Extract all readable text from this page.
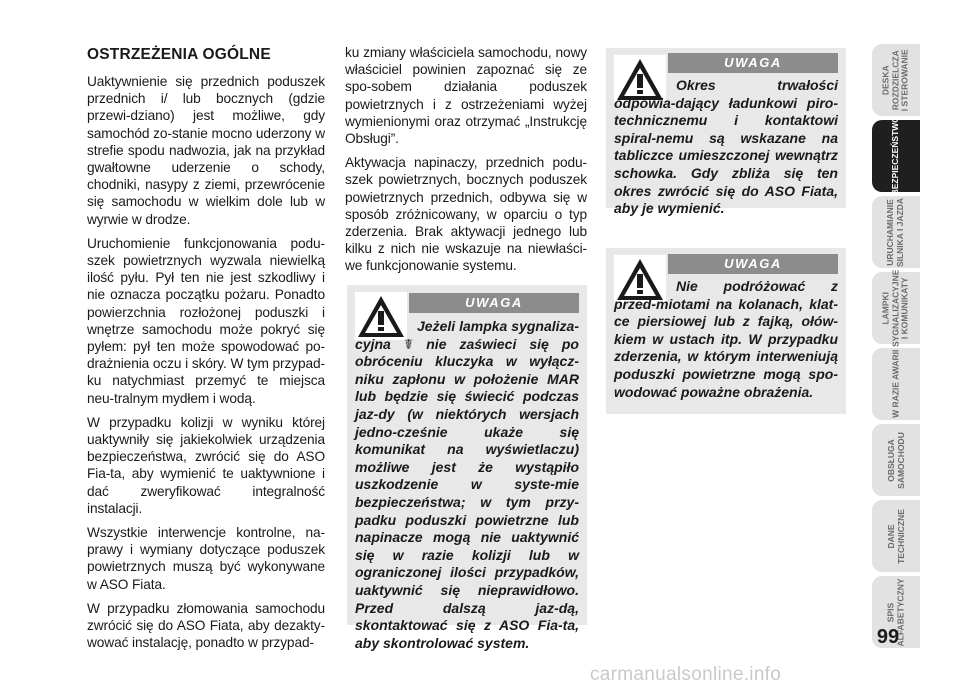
OSTRZEŻENIA OGÓLNE

Uaktywnienie się przednich poduszek przednich i/ lub bocznych (gdzie przewi-dziano) jest możliwe, gdy samochód zo-stanie mocno uderzony w strefie spodu nadwozia, jak na przykład gwałtowne uderzenie o schody, chodniki, nasypy z ziemi, przewrócenie się samochodu w wielkim dole lub w wyrwie w drodze.

Uruchomienie funkcjonowania podu-szek powietrznych wyzwala niewielką ilość pyłu. Pył ten nie jest szkodliwy i nie oznacza początku pożaru. Ponadto powierzchnia rozłożonej poduszki i wnętrze samochodu może pokryć się pyłem: pył ten może spowodować po-drażnienia oczu i skóry. W tym przypad-ku natychmiast przemyć te miejsca neu-tralnym mydłem i wodą.

W przypadku kolizji w wyniku której uaktywniły się jakiekolwiek urządzenia bezpieczeństwa, zwrócić się do ASO Fia-ta, aby wymienić te uaktywnione i dać zweryfikować integralność instalacji.

Wszystkie interwencje kontrolne, na-prawy i wymiany dotyczące poduszek powietrznych muszą być wykonywane w ASO Fiata.

W przypadku złomowania samochodu zwrócić się do ASO Fiata, aby dezakty-wować instalację, ponadto w przypad-

ku zmiany właściciela samochodu, nowy właściciel powinien zapoznać się ze spo-sobem działania poduszek powietrznych i z ostrzeżeniami wyżej wymienionymi oraz otrzymać „Instrukcję Obsługi”.

Aktywacja napinaczy, przednich podu-szek powietrznych, bocznych poduszek powietrznych przednich, odbywa się w sposób zróżnicowany, w oparciu o typ zderzenia. Brak aktywacji jednego lub kilku z nich nie wskazuje na niewłaści-we funkcjonowanie systemu.

UWAGA

Jeżeli lampka sygnaliza-cyjna ☤ nie zaświeci się po obróceniu kluczyka w wyłącz-niku zapłonu w położenie MAR lub będzie się świecić podczas jaz-dy (w niektórych wersjach jedno-cześnie ukaże się komunikat na wyświetlaczu) możliwe jest że wystąpiło uszkodzenie w syste-mie bezpieczeństwa; w tym przy-padku poduszki powietrzne lub napinacze mogą nie uaktywnić się w razie kolizji lub w ograniczonej ilości przypadków, uaktywnić się nieprawidłowo. Przed dalszą jaz-dą, skontaktować się z ASO Fia-ta, aby skontrolować system.

UWAGA

Okres trwałości odpowia-dający ładunkowi piro-technicznemu i kontaktowi spiral-nemu są wskazane na tabliczce umieszczonej wewnątrz schowka. Gdy zbliża się ten okres zwrócić się do ASO Fiata, aby je wymienić.

UWAGA

Nie podróżować z przed-miotami na kolanach, klat-ce piersiowej lub z fajką, ołów-kiem w ustach itp. W przypadku zderzenia, w którym interweniują poduszki powietrzne mogą spo-wodować poważne obrażenia.

DESKA
ROZDZIELCZA
I STEROWANIE
BEZPIECZEŃSTWO
URUCHAMIANIE
SILNIKA I JAZDA
LAMPKI
SYGNALIZACYJNE
I KOMUNIKATY
W RAZIE AWARII
OBSŁUGA
SAMOCHODU
DANE
TECHNICZNE
SPIS
ALFABETYCZNY
99
carmanualsonline.info
